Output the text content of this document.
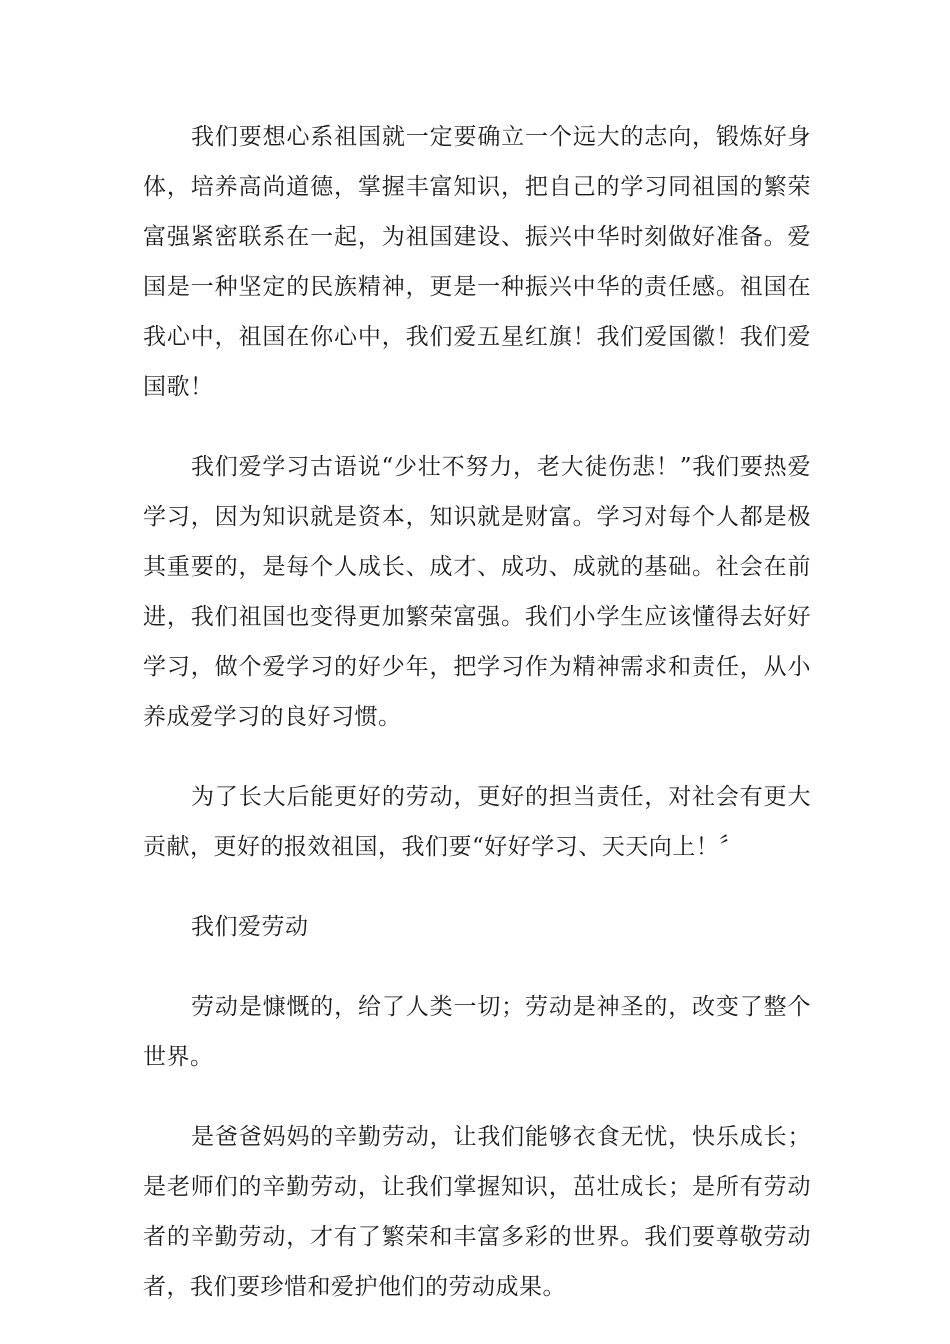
我们要想心系祖国就一定要确立一个远大的志向，锻炼好身体，培养高尚道德，掌握丰富知识，把自己的学习同祖国的繁荣富强紧密联系在一起，为祖国建设、振兴中华时刻做好准备。爱国是一种坚定的民族精神，更是一种振兴中华的责任感。祖国在我心中，祖国在你心中，我们爱五星红旗！我们爱国徽！我们爱国歌！

我们爱学习古语说“少壮不努力，老大徒伤悲！”我们要热爱学习，因为知识就是资本，知识就是财富。学习对每个人都是极其重要的，是每个人成长、成才、成功、成就的基础。社会在前进，我们祖国也变得更加繁荣富强。我们小学生应该懂得去好好学习，做个爱学习的好少年，把学习作为精神需求和责任，从小养成爱学习的良好习惯。

为了长大后能更好的劳动，更好的担当责任，对社会有更大贡献，更好的报效祖国，我们要“好好学习、天天向上！〞

我们爱劳动

劳动是慷慨的，给了人类一切；劳动是神圣的，改变了整个世界。

是爸爸妈妈的辛勤劳动，让我们能够衣食无忧，快乐成长；是老师们的辛勤劳动，让我们掌握知识，茁壮成长；是所有劳动者的辛勤劳动，才有了繁荣和丰富多彩的世界。我们要尊敬劳动者，我们要珍惜和爱护他们的劳动成果。
